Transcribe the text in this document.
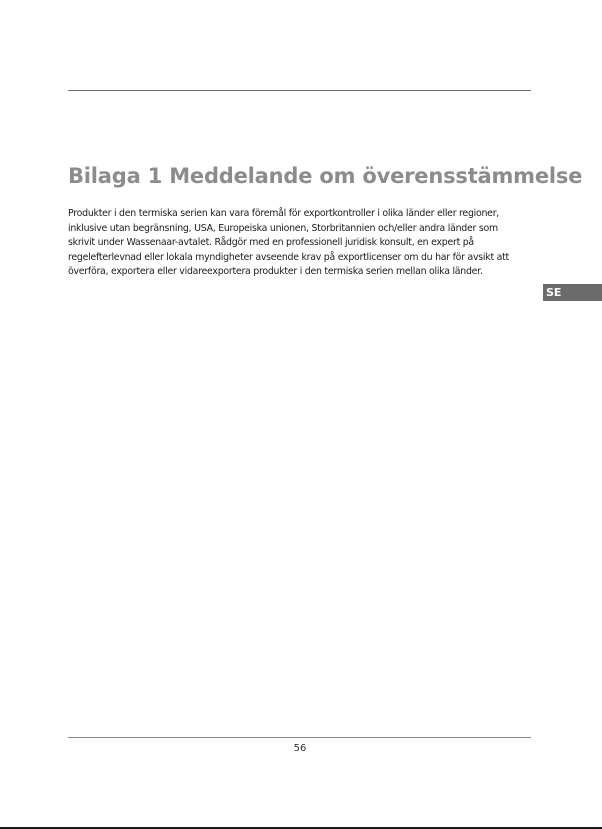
Bilaga 1 Meddelande om överensstämmelse
Produkter i den termiska serien kan vara föremål för exportkontroller i olika länder eller regioner,
inklusive utan begränsning, USA, Europeiska unionen, Storbritannien och/eller andra länder som
skrivit under Wassenaar-avtalet. Rådgör med en professionell juridisk konsult, en expert på
regelefterlevnad eller lokala myndigheter avseende krav på exportlicenser om du har för avsikt att
överföra, exportera eller vidareexportera produkter i den termiska serien mellan olika länder.
SE
56
